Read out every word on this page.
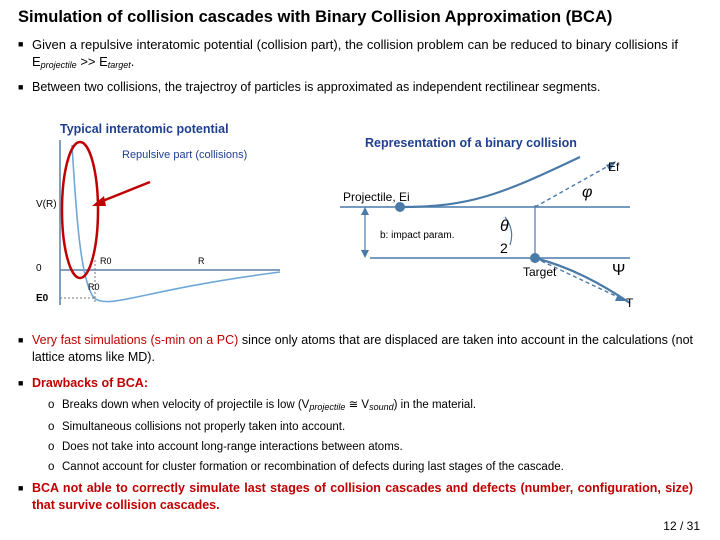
Simulation of collision cascades with Binary Collision Approximation (BCA)
■ Given a repulsive interatomic potential (collision part), the collision problem can be reduced to binary collisions if $E_{projectile} >> E_{target}$.
■ Between two collisions, the trajectroy of particles is approximated as independent rectilinear segments.
Typical interatomic potential
Repulsive part (collisions)
V(R)
R0	R
0
R0
E0
Representation of a binary collision
Ef
Projectile, Ei	φ
b: impact param.
θ
2
Target	Ψ
T
■ Very fast simulations (s-min on a PC) since only atoms that are displaced are taken into account in the calculations (not lattice atoms like MD).
■ Drawbacks of BCA:
o Breaks down when velocity of projectile is low ($V_{projectile}$ ≅ $V_{sound}$) in the material.
o Simultaneous collisions not properly taken into account.
o Does not take into account long-range interactions between atoms.
o Cannot account for cluster formation or recombination of defects during last stages of the cascade.
■ BCA not able to correctly simulate last stages of collision cascades and defects (number, configuration, size) that survive collision cascades.
12 / 31
